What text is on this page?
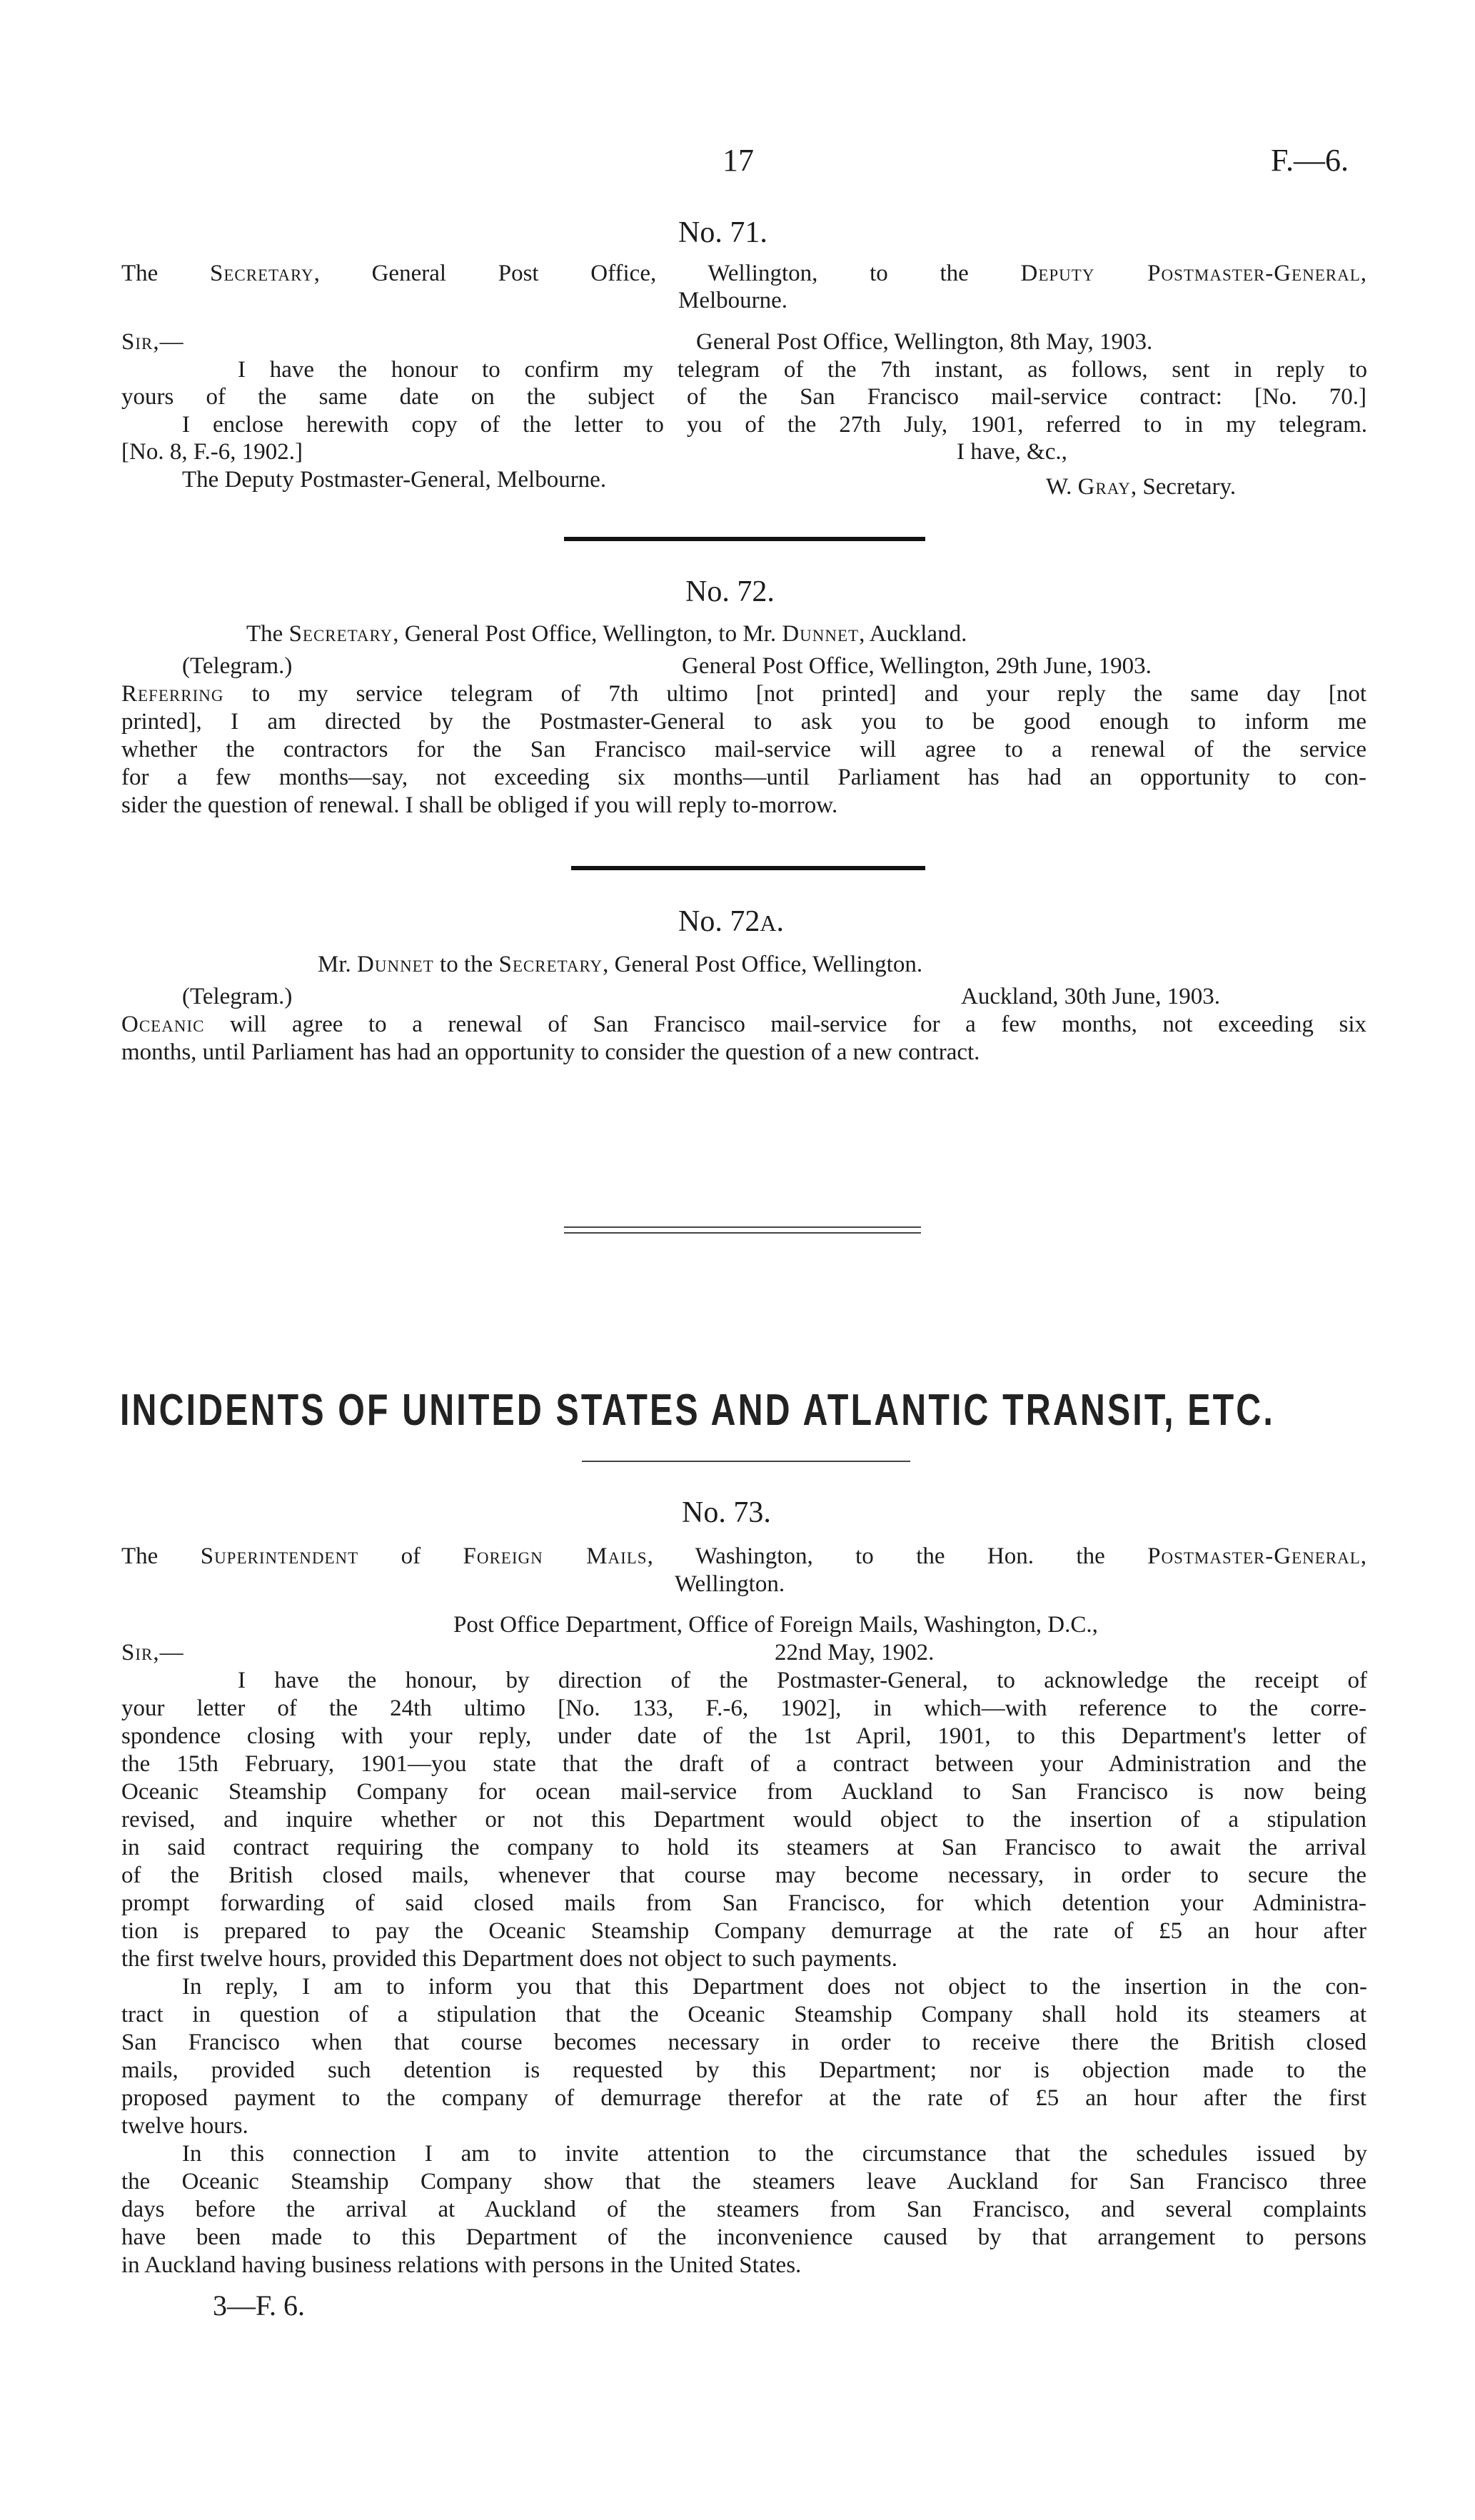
17	F.—6.
No. 71.
The Secretary, General Post Office, Wellington, to the Deputy Postmaster-General,
Melbourne.
Sir,—	General Post Office, Wellington, 8th May, 1903.
I have the honour to confirm my telegram of the 7th instant, as follows, sent in reply to
yours of the same date on the subject of the San Francisco mail-service contract: [No. 70.]
I enclose herewith copy of the letter to you of the 27th July, 1901, referred to in my telegram.
[No. 8, F.-6, 1902.]	I have, &c.,
The Deputy Postmaster-General, Melbourne.	W. Gray, Secretary.
No. 72.
The Secretary, General Post Office, Wellington, to Mr. Dunnet, Auckland.
(Telegram.)	General Post Office, Wellington, 29th June, 1903.
Referring to my service telegram of 7th ultimo [not printed] and your reply the same day [not
printed], I am directed by the Postmaster-General to ask you to be good enough to inform me
whether the contractors for the San Francisco mail-service will agree to a renewal of the service
for a few months—say, not exceeding six months—until Parliament has had an opportunity to con-
sider the question of renewal. I shall be obliged if you will reply to-morrow.
No. 72A.
Mr. Dunnet to the Secretary, General Post Office, Wellington.
(Telegram.)	Auckland, 30th June, 1903.
Oceanic will agree to a renewal of San Francisco mail-service for a few months, not exceeding six
months, until Parliament has had an opportunity to consider the question of a new contract.
INCIDENTS OF UNITED STATES AND ATLANTIC TRANSIT, ETC.
No. 73.
The Superintendent of Foreign Mails, Washington, to the Hon. the Postmaster-General,
Wellington.
Post Office Department, Office of Foreign Mails, Washington, D.C.,
Sir,—	22nd May, 1902.
I have the honour, by direction of the Postmaster-General, to acknowledge the receipt of
your letter of the 24th ultimo [No. 133, F.-6, 1902], in which—with reference to the corre-
spondence closing with your reply, under date of the 1st April, 1901, to this Department's letter of
the 15th February, 1901—you state that the draft of a contract between your Administration and the
Oceanic Steamship Company for ocean mail-service from Auckland to San Francisco is now being
revised, and inquire whether or not this Department would object to the insertion of a stipulation
in said contract requiring the company to hold its steamers at San Francisco to await the arrival
of the British closed mails, whenever that course may become necessary, in order to secure the
prompt forwarding of said closed mails from San Francisco, for which detention your Administra-
tion is prepared to pay the Oceanic Steamship Company demurrage at the rate of £5 an hour after
the first twelve hours, provided this Department does not object to such payments.
In reply, I am to inform you that this Department does not object to the insertion in the con-
tract in question of a stipulation that the Oceanic Steamship Company shall hold its steamers at
San Francisco when that course becomes necessary in order to receive there the British closed
mails, provided such detention is requested by this Department; nor is objection made to the
proposed payment to the company of demurrage therefor at the rate of £5 an hour after the first
twelve hours.
In this connection I am to invite attention to the circumstance that the schedules issued by
the Oceanic Steamship Company show that the steamers leave Auckland for San Francisco three
days before the arrival at Auckland of the steamers from San Francisco, and several complaints
have been made to this Department of the inconvenience caused by that arrangement to persons
in Auckland having business relations with persons in the United States.
3—F. 6.
